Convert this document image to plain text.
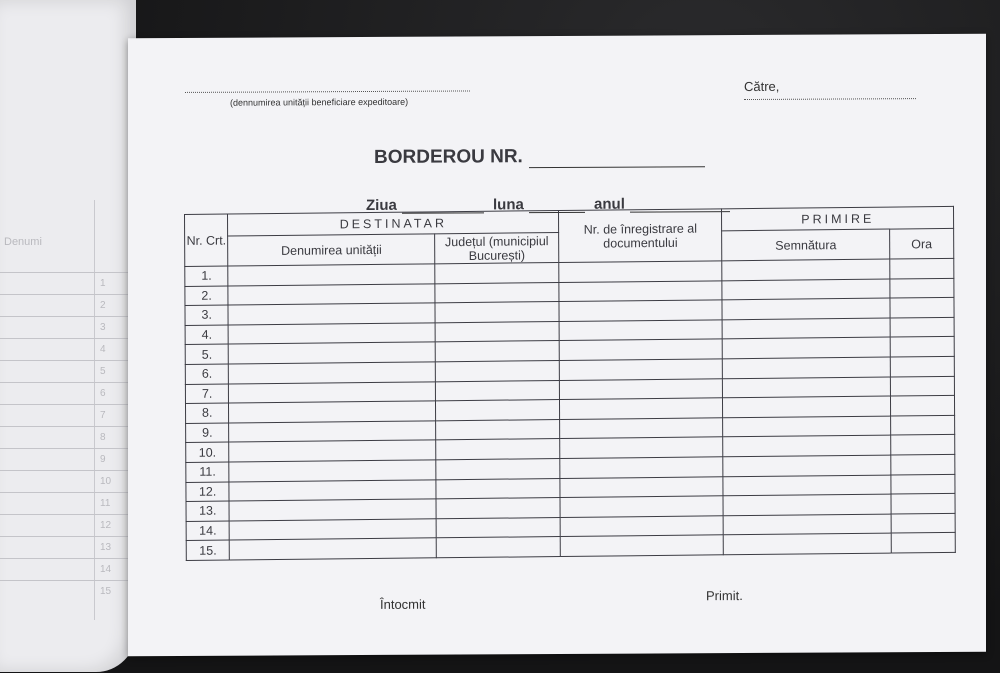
Denumi
1
2
3
4
5
6
7
8
9
10
11
12
13
14
15
(dennumirea unității beneficiare expeditoare)
Către,
BORDEROU NR.
Ziua	luna	anul
Nr. Crt.	DESTINATAR		Nr. de înregistrare al documentului	PRIMIRE	
	Denumirea unității	Județul (municipiul București)		Semnătura	Ora
1.					
2.					
3.					
4.					
5.					
6.					
7.					
8.					
9.					
10.					
11.					
12.					
13.					
14.					
15.					
Întocmit
Primit.
